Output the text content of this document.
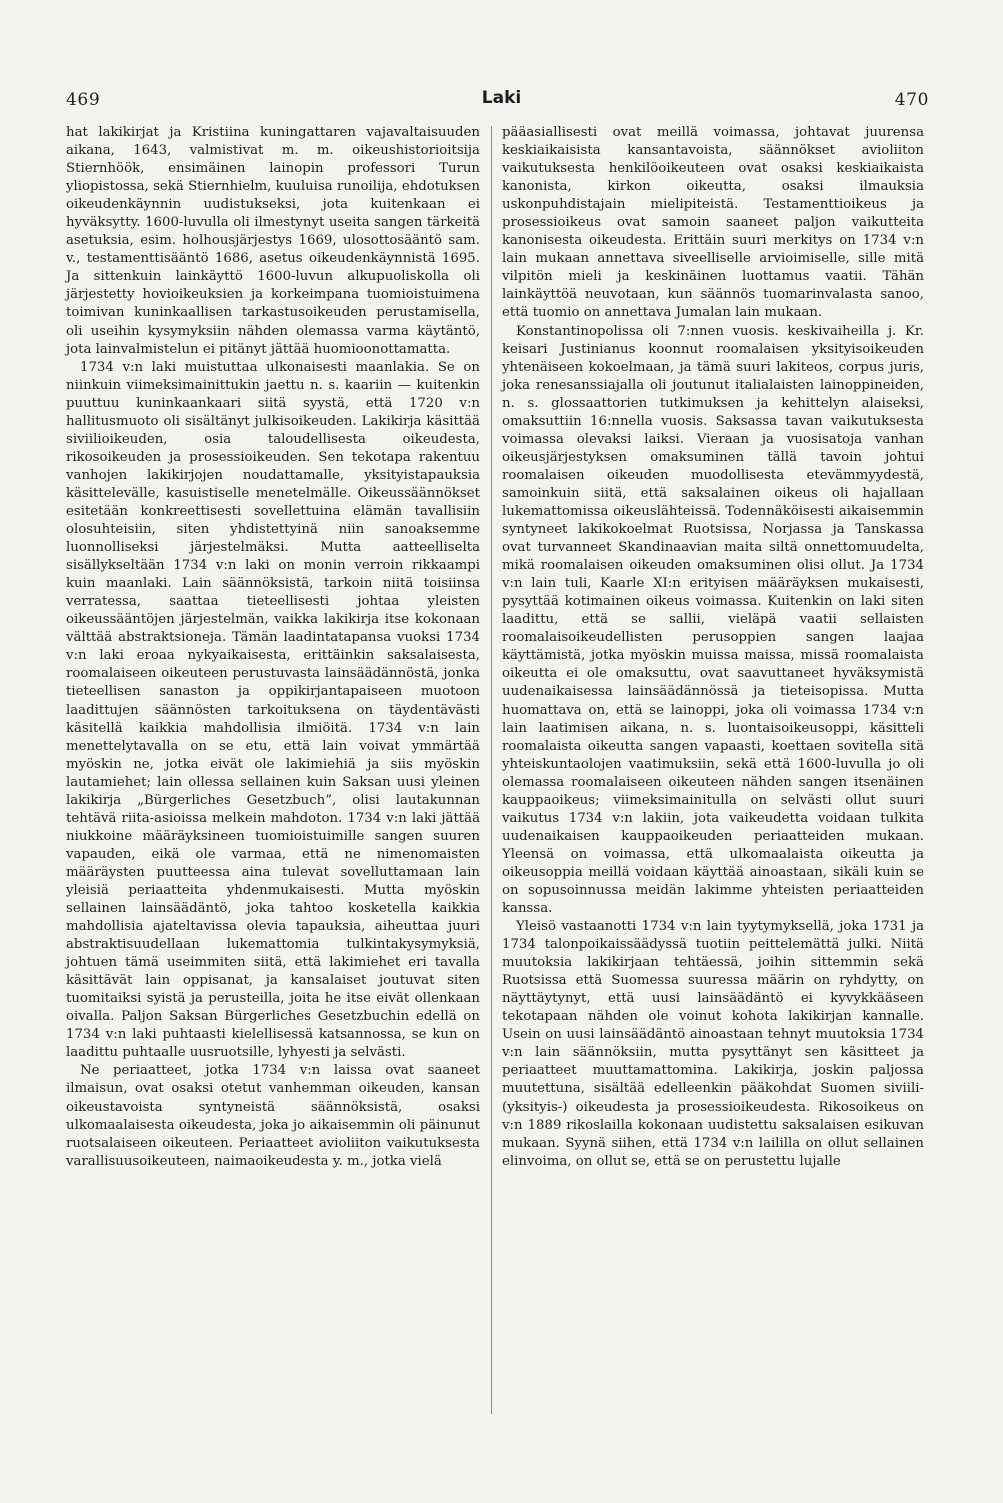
469	Laki	470

hat lakikirjat ja Kristiina kuningattaren vajavaltaisuuden aikana, 1643, valmistivat m. m. oikeushistorioitsija Stiernhöök, ensimäinen lainopin professori Turun yliopistossa, sekä Stiernhielm, kuuluisa runoilija, ehdotuksen oikeudenkäynnin uudistukseksi, jota kuitenkaan ei hyväksytty. 1600-luvulla oli ilmestynyt useita sangen tärkeitä asetuksia, esim. holhousjärjestys 1669, ulosottosääntö sam. v., testamenttisääntö 1686, asetus oikeudenkäynnistä 1695. Ja sittenkuin lainkäyttö 1600-luvun alkupuoliskolla oli järjestetty hovioikeuksien ja korkeimpana tuomioistuimena toimivan kuninkaallisen tarkastusoikeuden perustamisella, oli useihin kysymyksiin nähden olemassa varma käytäntö, jota lainvalmistelun ei pitänyt jättää huomioonottamatta.

1734 v:n laki muistuttaa ulkonaisesti maanlakia. Se on niinkuin viimeksimainittukin jaettu n. s. kaariin — kuitenkin puuttuu kuninkaankaari siitä syystä, että 1720 v:n hallitusmuoto oli sisältänyt julkisoikeuden. Lakikirja käsittää siviilioikeuden, osia taloudellisesta oikeudesta, rikosoikeuden ja prosessioikeuden. Sen tekotapa rakentuu vanhojen lakikirjojen noudattamalle, yksityistapauksia käsittelevälle, kasuistiselle menetelmälle. Oikeussäännökset esitetään konkreettisesti sovellettuina elämän tavallisiin olosuhteisiin, siten yhdistettyinä niin sanoaksemme luonnolliseksi järjestelmäksi. Mutta aatteelliselta sisällykseltään 1734 v:n laki on monin verroin rikkaampi kuin maanlaki. Lain säännöksistä, tarkoin niitä toisiinsa verratessa, saattaa tieteellisesti johtaa yleisten oikeussääntöjen järjestelmän, vaikka lakikirja itse kokonaan välttää abstraktsioneja. Tämän laadintatapansa vuoksi 1734 v:n laki eroaa nykyaikaisesta, erittäinkin saksalaisesta, roomalaiseen oikeuteen perustuvasta lainsäädännöstä, jonka tieteellisen sanaston ja oppikirjantapaiseen muotoon laadittujen säännösten tarkoituksena on täydentävästi käsitellä kaikkia mahdollisia ilmiöitä. 1734 v:n lain menettelytavalla on se etu, että lain voivat ymmärtää myöskin ne, jotka eivät ole lakimiehiä ja siis myöskin lautamiehet; lain ollessa sellainen kuin Saksan uusi yleinen lakikirja „Bürgerliches Gesetzbuch”, olisi lautakunnan tehtävä riita-asioissa melkein mahdoton. 1734 v:n laki jättää niukkoine määräyksineen tuomioistuimille sangen suuren vapauden, eikä ole varmaa, että ne nimenomaisten määräysten puutteessa aina tulevat sovelluttamaan lain yleisiä periaatteita yhdenmukaisesti. Mutta myöskin sellainen lainsäädäntö, joka tahtoo kosketella kaikkia mahdollisia ajateltavissa olevia tapauksia, aiheuttaa juuri abstraktisuudellaan lukemattomia tulkintakysymyksiä, johtuen tämä useimmiten siitä, että lakimiehet eri tavalla käsittävät lain oppisanat, ja kansalaiset joutuvat siten tuomitaiksi syistä ja perusteilla, joita he itse eivät ollenkaan oivalla. Paljon Saksan Bürgerliches Gesetzbuchin edellä on 1734 v:n laki puhtaasti kielellisessä katsannossa, se kun on laadittu puhtaalle uusruotsille, lyhyesti ja selvästi.

Ne periaatteet, jotka 1734 v:n laissa ovat saaneet ilmaisun, ovat osaksi otetut vanhemman oikeuden, kansan oikeustavoista syntyneistä säännöksistä, osaksi ulkomaalaisesta oikeudesta, joka jo aikaisemmin oli päinunut ruotsalaiseen oikeuteen. Periaatteet avioliiton vaikutuksesta varallisuusoikeuteen, naimaoikeudesta y. m., jotka vielä

pääasiallisesti ovat meillä voimassa, johtavat juurensa keskiaikaisista kansantavoista, säännökset avioliiton vaikutuksesta henkilöoikeuteen ovat osaksi keskiaikaista kanonista, kirkon oikeutta, osaksi ilmauksia uskonpuhdistajain mielipiteistä. Testamenttioikeus ja prosessioikeus ovat samoin saaneet paljon vaikutteita kanonisesta oikeudesta. Erittäin suuri merkitys on 1734 v:n lain mukaan annettava siveelliselle arvioimiselle, sille mitä vilpitön mieli ja keskinäinen luottamus vaatii. Tähän lainkäyttöä neuvotaan, kun säännös tuomarinvalasta sanoo, että tuomio on annettava Jumalan lain mukaan.

Konstantinopolissa oli 7:nnen vuosis. keskivaiheilla j. Kr. keisari Justinianus koonnut roomalaisen yksityisoikeuden yhtenäiseen kokoelmaan, ja tämä suuri lakiteos, corpus juris, joka renesanssiajalla oli joutunut italialaisten lainoppineiden, n. s. glossaattorien tutkimuksen ja kehittelyn alaiseksi, omaksuttiin 16:nnella vuosis. Saksassa tavan vaikutuksesta voimassa olevaksi laiksi. Vieraan ja vuosisatoja vanhan oikeusjärjestyksen omaksuminen tällä tavoin johtui roomalaisen oikeuden muodollisesta etevämmyydestä, samoinkuin siitä, että saksalainen oikeus oli hajallaan lukemattomissa oikeuslähteissä. Todennäköisesti aikaisemmin syntyneet lakikokoelmat Ruotsissa, Norjassa ja Tanskassa ovat turvanneet Skandinaavian maita siltä onnettomuudelta, mikä roomalaisen oikeuden omaksuminen olisi ollut. Ja 1734 v:n lain tuli, Kaarle XI:n erityisen määräyksen mukaisesti, pysyttää kotimainen oikeus voimassa. Kuitenkin on laki siten laadittu, että se sallii, vieläpä vaatii sellaisten roomalaisoikeudellisten perusoppien sangen laajaa käyttämistä, jotka myöskin muissa maissa, missä roomalaista oikeutta ei ole omaksuttu, ovat saavuttaneet hyväksymistä uudenaikaisessa lainsäädännössä ja tieteisopissa. Mutta huomattava on, että se lainoppi, joka oli voimassa 1734 v:n lain laatimisen aikana, n. s. luontaisoikeusoppi, käsitteli roomalaista oikeutta sangen vapaasti, koettaen sovitella sitä yhteiskuntaolojen vaatimuksiin, sekä että 1600-luvulla jo oli olemassa roomalaiseen oikeuteen nähden sangen itsenäinen kauppaoikeus; viimeksimainitulla on selvästi ollut suuri vaikutus 1734 v:n lakiin, jota vaikeudetta voidaan tulkita uudenaikaisen kauppaoikeuden periaatteiden mukaan. Yleensä on voimassa, että ulkomaalaista oikeutta ja oikeusoppia meillä voidaan käyttää ainoastaan, sikäli kuin se on sopusoinnussa meidän lakimme yhteisten periaatteiden kanssa.

Yleisö vastaanotti 1734 v:n lain tyytymyksellä, joka 1731 ja 1734 talonpoikaissäädyssä tuotiin peittelemättä julki. Niitä muutoksia lakikirjaan tehtäessä, joihin sittemmin sekä Ruotsissa että Suomessa suuressa määrin on ryhdytty, on näyttäytynyt, että uusi lainsäädäntö ei kyvykkääseen tekotapaan nähden ole voinut kohota lakikirjan kannalle. Usein on uusi lainsäädäntö ainoastaan tehnyt muutoksia 1734 v:n lain säännöksiin, mutta pysyttänyt sen käsitteet ja periaatteet muuttamattomina. Lakikirja, joskin paljossa muutettuna, sisältää edelleenkin pääkohdat Suomen siviili-(yksityis-) oikeudesta ja prosessioikeudesta. Rikosoikeus on v:n 1889 rikoslailla kokonaan uudistettu saksalaisen esikuvan mukaan. Syynä siihen, että 1734 v:n laililla on ollut sellainen elinvoima, on ollut se, että se on perustettu lujalle
